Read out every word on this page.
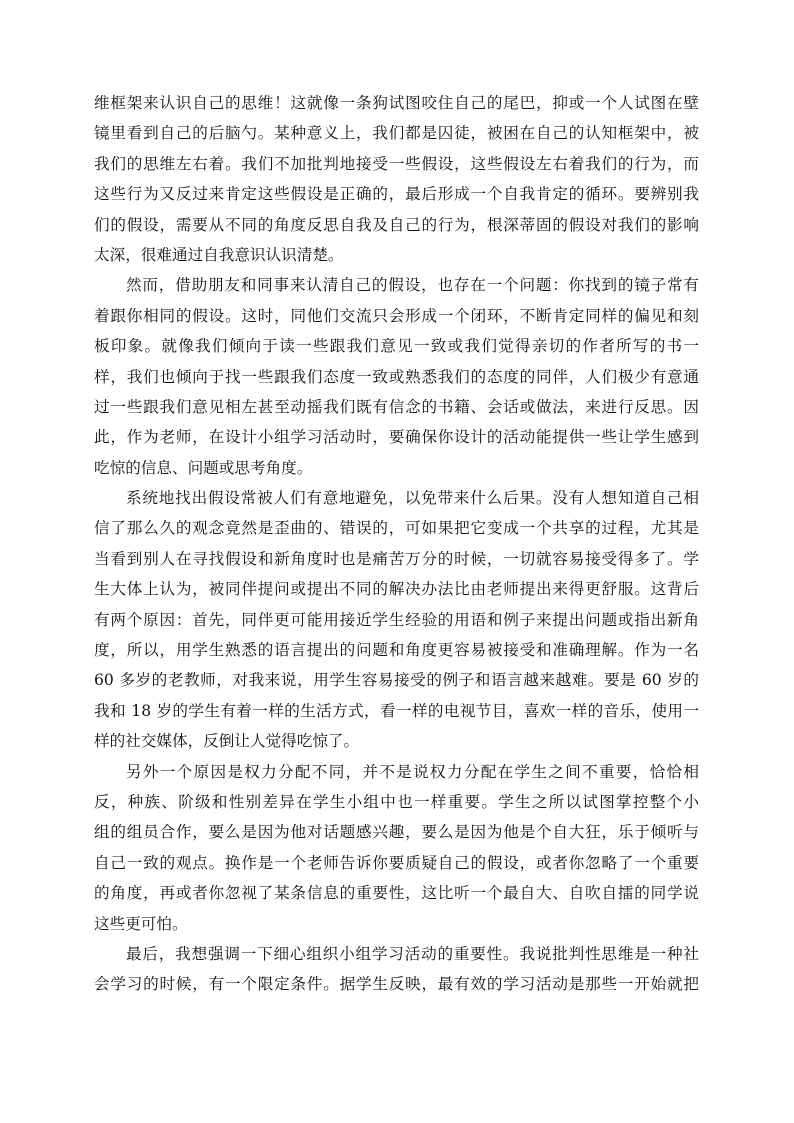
维框架来认识自己的思维！这就像一条狗试图咬住自己的尾巴，抑或一个人试图在壁
镜里看到自己的后脑勺。某种意义上，我们都是囚徒，被困在自己的认知框架中，被
我们的思维左右着。我们不加批判地接受一些假设，这些假设左右着我们的行为，而
这些行为又反过来肯定这些假设是正确的，最后形成一个自我肯定的循环。要辨别我
们的假设，需要从不同的角度反思自我及自己的行为，根深蒂固的假设对我们的影响
太深，很难通过自我意识认识清楚。
然而，借助朋友和同事来认清自己的假设，也存在一个问题：你找到的镜子常有
着跟你相同的假设。这时，同他们交流只会形成一个闭环，不断肯定同样的偏见和刻
板印象。就像我们倾向于读一些跟我们意见一致或我们觉得亲切的作者所写的书一
样，我们也倾向于找一些跟我们态度一致或熟悉我们的态度的同伴，人们极少有意通
过一些跟我们意见相左甚至动摇我们既有信念的书籍、会话或做法，来进行反思。因
此，作为老师，在设计小组学习活动时，要确保你设计的活动能提供一些让学生感到
吃惊的信息、问题或思考角度。
系统地找出假设常被人们有意地避免，以免带来什么后果。没有人想知道自己相
信了那么久的观念竟然是歪曲的、错误的，可如果把它变成一个共享的过程，尤其是
当看到别人在寻找假设和新角度时也是痛苦万分的时候，一切就容易接受得多了。学
生大体上认为，被同伴提问或提出不同的解决办法比由老师提出来得更舒服。这背后
有两个原因：首先，同伴更可能用接近学生经验的用语和例子来提出问题或指出新角
度，所以，用学生熟悉的语言提出的问题和角度更容易被接受和准确理解。作为一名
60 多岁的老教师，对我来说，用学生容易接受的例子和语言越来越难。要是 60 岁的
我和 18 岁的学生有着一样的生活方式，看一样的电视节目，喜欢一样的音乐，使用一
样的社交媒体，反倒让人觉得吃惊了。
另外一个原因是权力分配不同，并不是说权力分配在学生之间不重要，恰恰相
反，种族、阶级和性别差异在学生小组中也一样重要。学生之所以试图掌控整个小
组的组员合作，要么是因为他对话题感兴趣，要么是因为他是个自大狂，乐于倾听与
自己一致的观点。换作是一个老师告诉你要质疑自己的假设，或者你忽略了一个重要
的角度，再或者你忽视了某条信息的重要性，这比听一个最自大、自吹自擂的同学说
这些更可怕。
最后，我想强调一下细心组织小组学习活动的重要性。我说批判性思维是一种社
会学习的时候，有一个限定条件。据学生反映，最有效的学习活动是那些一开始就把
